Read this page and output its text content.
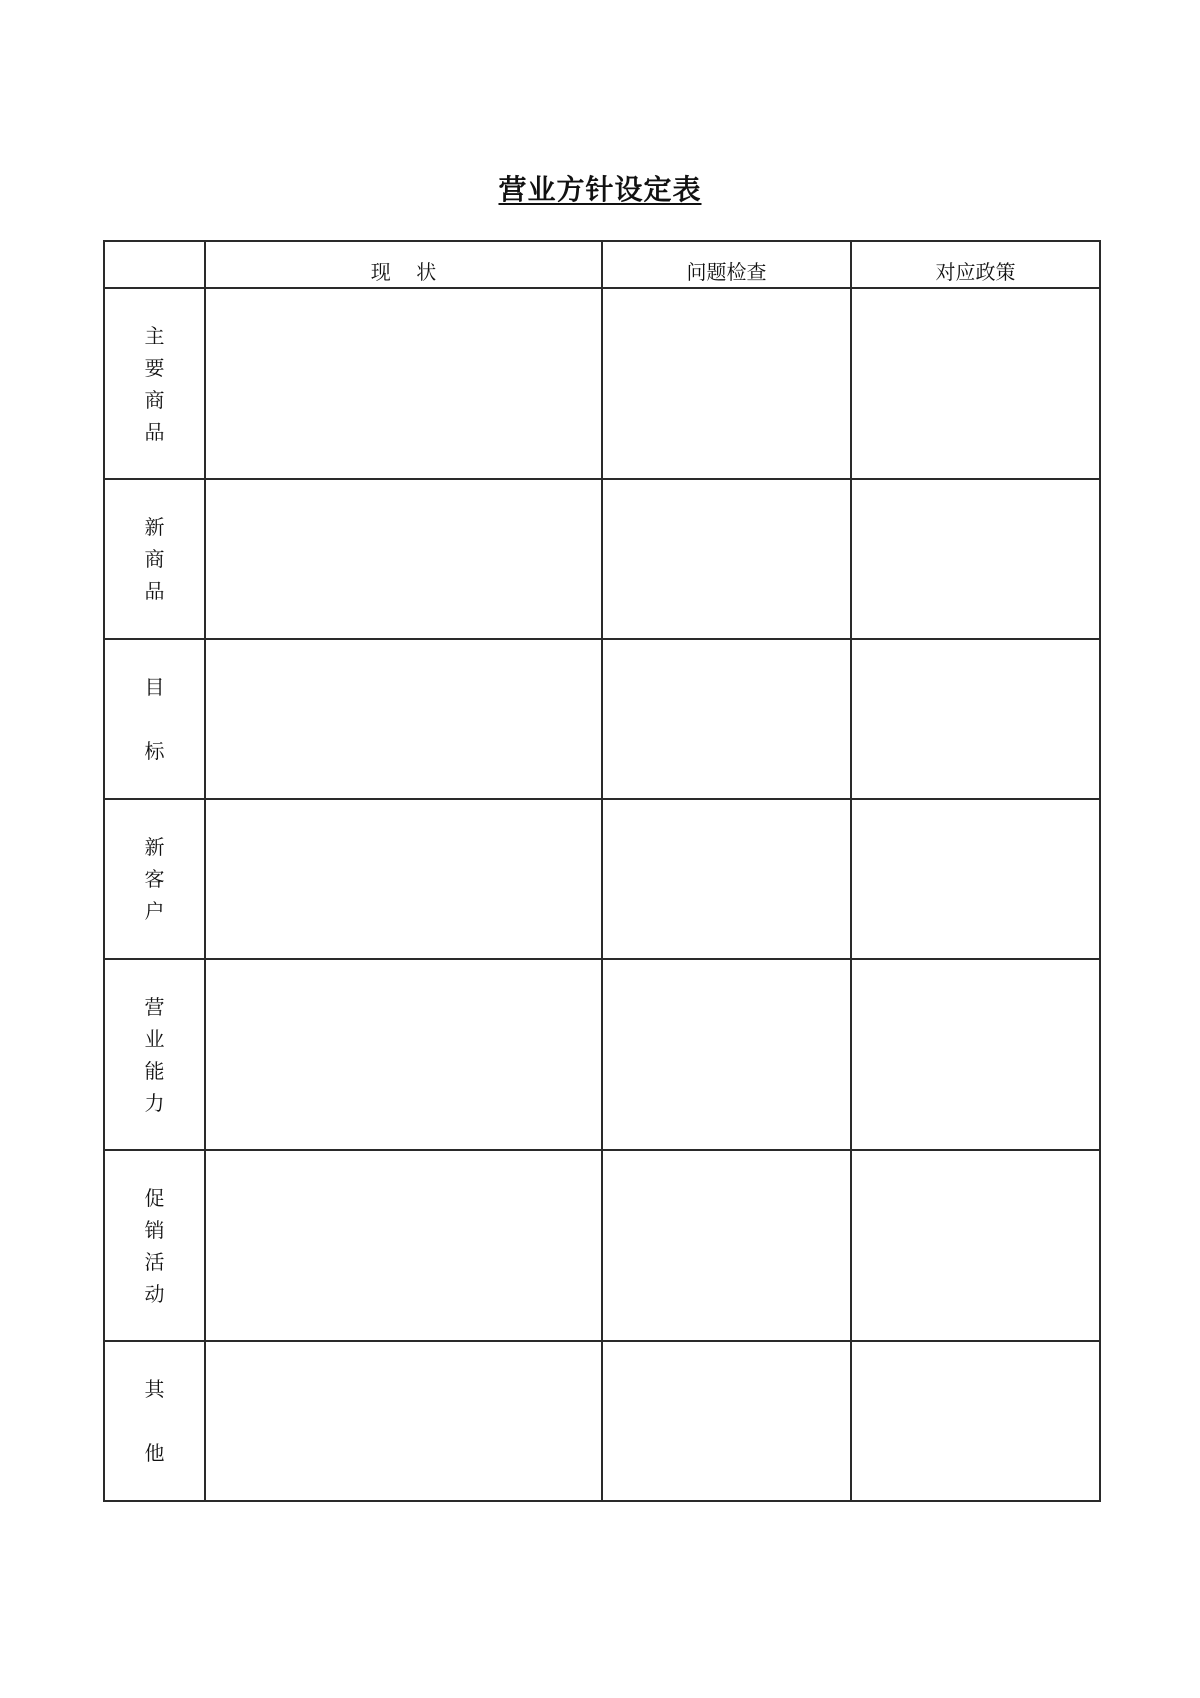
营业方针设定表
	现    状	问题检查	对应政策

主
要
商
品			

新
商
品			

目
标			

新
客
户			

营
业
能
力			

促
销
活
动			

其
他			
